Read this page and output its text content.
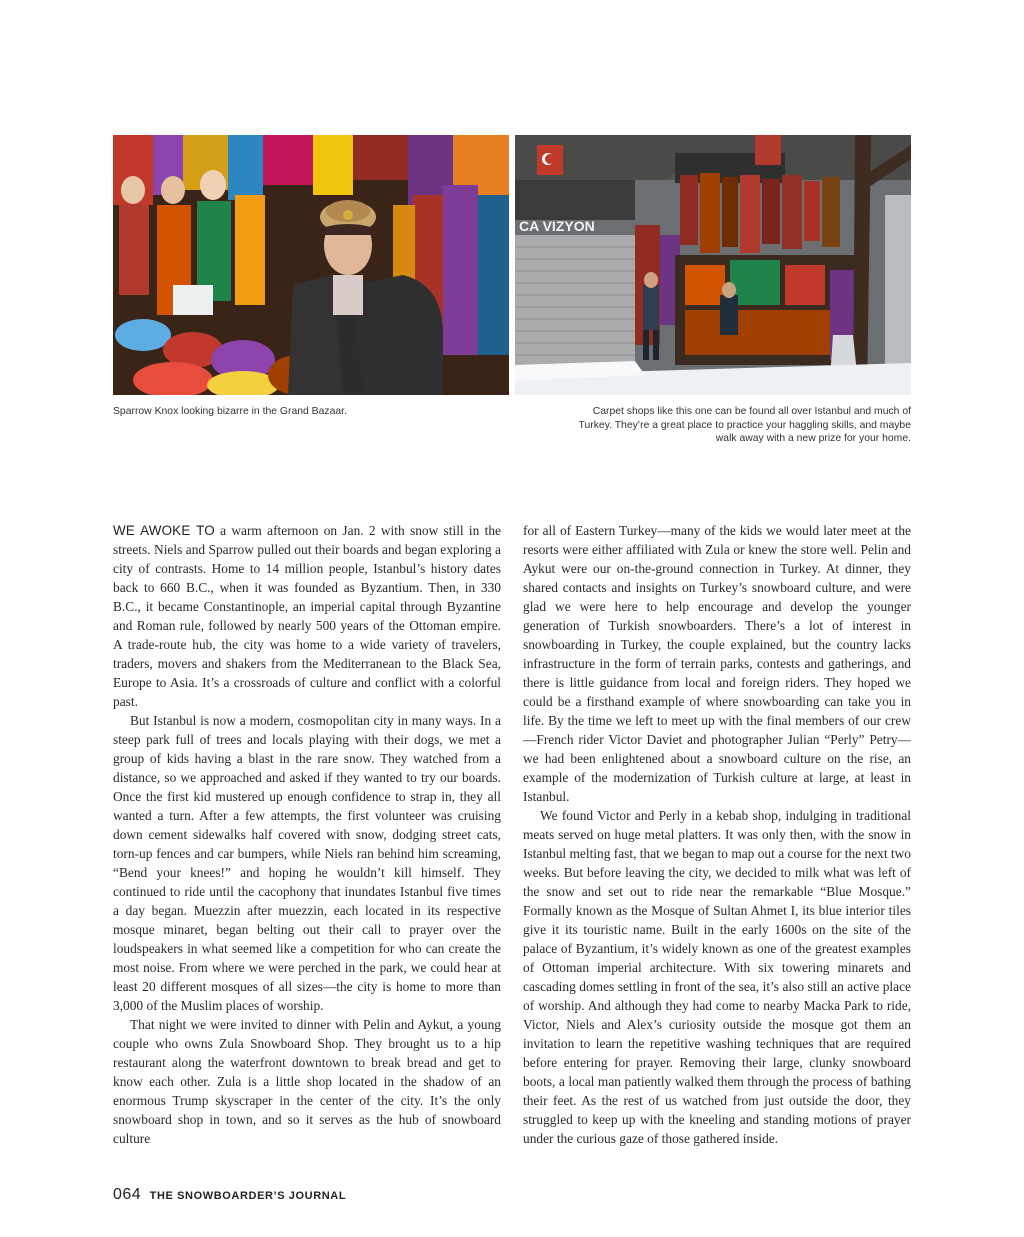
CA VIZYON
Sparrow Knox looking bizarre in the Grand Bazaar.	Carpet shops like this one can be found all over Istanbul and much of Turkey. They’re a great place to practice your haggling skills, and maybe walk away with a new prize for your home.

WE AWOKE TO a warm afternoon on Jan. 2 with snow still in the streets. Niels and Sparrow pulled out their boards and began exploring a city of contrasts. Home to 14 million people, Istanbul’s history dates back to 660 B.C., when it was founded as Byzantium. Then, in 330 B.C., it became Constantinople, an imperial capital through Byzantine and Roman rule, followed by nearly 500 years of the Ottoman empire. A trade-route hub, the city was home to a wide variety of travelers, traders, movers and shakers from the Mediterranean to the Black Sea, Europe to Asia. It’s a crossroads of culture and conflict with a colorful past.

But Istanbul is now a modern, cosmopolitan city in many ways. In a steep park full of trees and locals playing with their dogs, we met a group of kids having a blast in the rare snow. They watched from a distance, so we approached and asked if they wanted to try our boards. Once the first kid mustered up enough confidence to strap in, they all wanted a turn. After a few attempts, the first volunteer was cruising down cement sidewalks half covered with snow, dodging street cats, torn-up fences and car bumpers, while Niels ran behind him screaming, “Bend your knees!” and hoping he wouldn’t kill himself. They continued to ride until the cacophony that inundates Istanbul five times a day began. Muezzin after muezzin, each located in its respective mosque minaret, began belting out their call to prayer over the loudspeakers in what seemed like a competition for who can create the most noise. From where we were perched in the park, we could hear at least 20 different mosques of all sizes—the city is home to more than 3,000 of the Muslim places of worship.

That night we were invited to dinner with Pelin and Aykut, a young couple who owns Zula Snowboard Shop. They brought us to a hip restaurant along the waterfront downtown to break bread and get to know each other. Zula is a little shop located in the shadow of an enormous Trump skyscraper in the center of the city. It’s the only snowboard shop in town, and so it serves as the hub of snowboard culture

for all of Eastern Turkey—many of the kids we would later meet at the resorts were either affiliated with Zula or knew the store well. Pelin and Aykut were our on-the-ground connection in Turkey. At dinner, they shared contacts and insights on Turkey’s snowboard culture, and were glad we were here to help encourage and develop the younger generation of Turkish snowboarders. There’s a lot of interest in snowboarding in Turkey, the couple explained, but the country lacks infrastructure in the form of terrain parks, contests and gatherings, and there is little guidance from local and foreign riders. They hoped we could be a firsthand example of where snowboarding can take you in life. By the time we left to meet up with the final members of our crew—French rider Victor Daviet and photographer Julian “Perly” Petry—we had been enlightened about a snowboard culture on the rise, an example of the modernization of Turkish culture at large, at least in Istanbul.

We found Victor and Perly in a kebab shop, indulging in traditional meats served on huge metal platters. It was only then, with the snow in Istanbul melting fast, that we began to map out a course for the next two weeks. But before leaving the city, we decided to milk what was left of the snow and set out to ride near the remarkable “Blue Mosque.” Formally known as the Mosque of Sultan Ahmet I, its blue interior tiles give it its touristic name. Built in the early 1600s on the site of the palace of Byzantium, it’s widely known as one of the greatest examples of Ottoman imperial architecture. With six towering minarets and cascading domes settling in front of the sea, it’s also still an active place of worship. And although they had come to nearby Macka Park to ride, Victor, Niels and Alex’s curiosity outside the mosque got them an invitation to learn the repetitive washing techniques that are required before entering for prayer. Removing their large, clunky snowboard boots, a local man patiently walked them through the process of bathing their feet. As the rest of us watched from just outside the door, they struggled to keep up with the kneeling and standing motions of prayer under the curious gaze of those gathered inside.

064 THE SNOWBOARDER’S JOURNAL
